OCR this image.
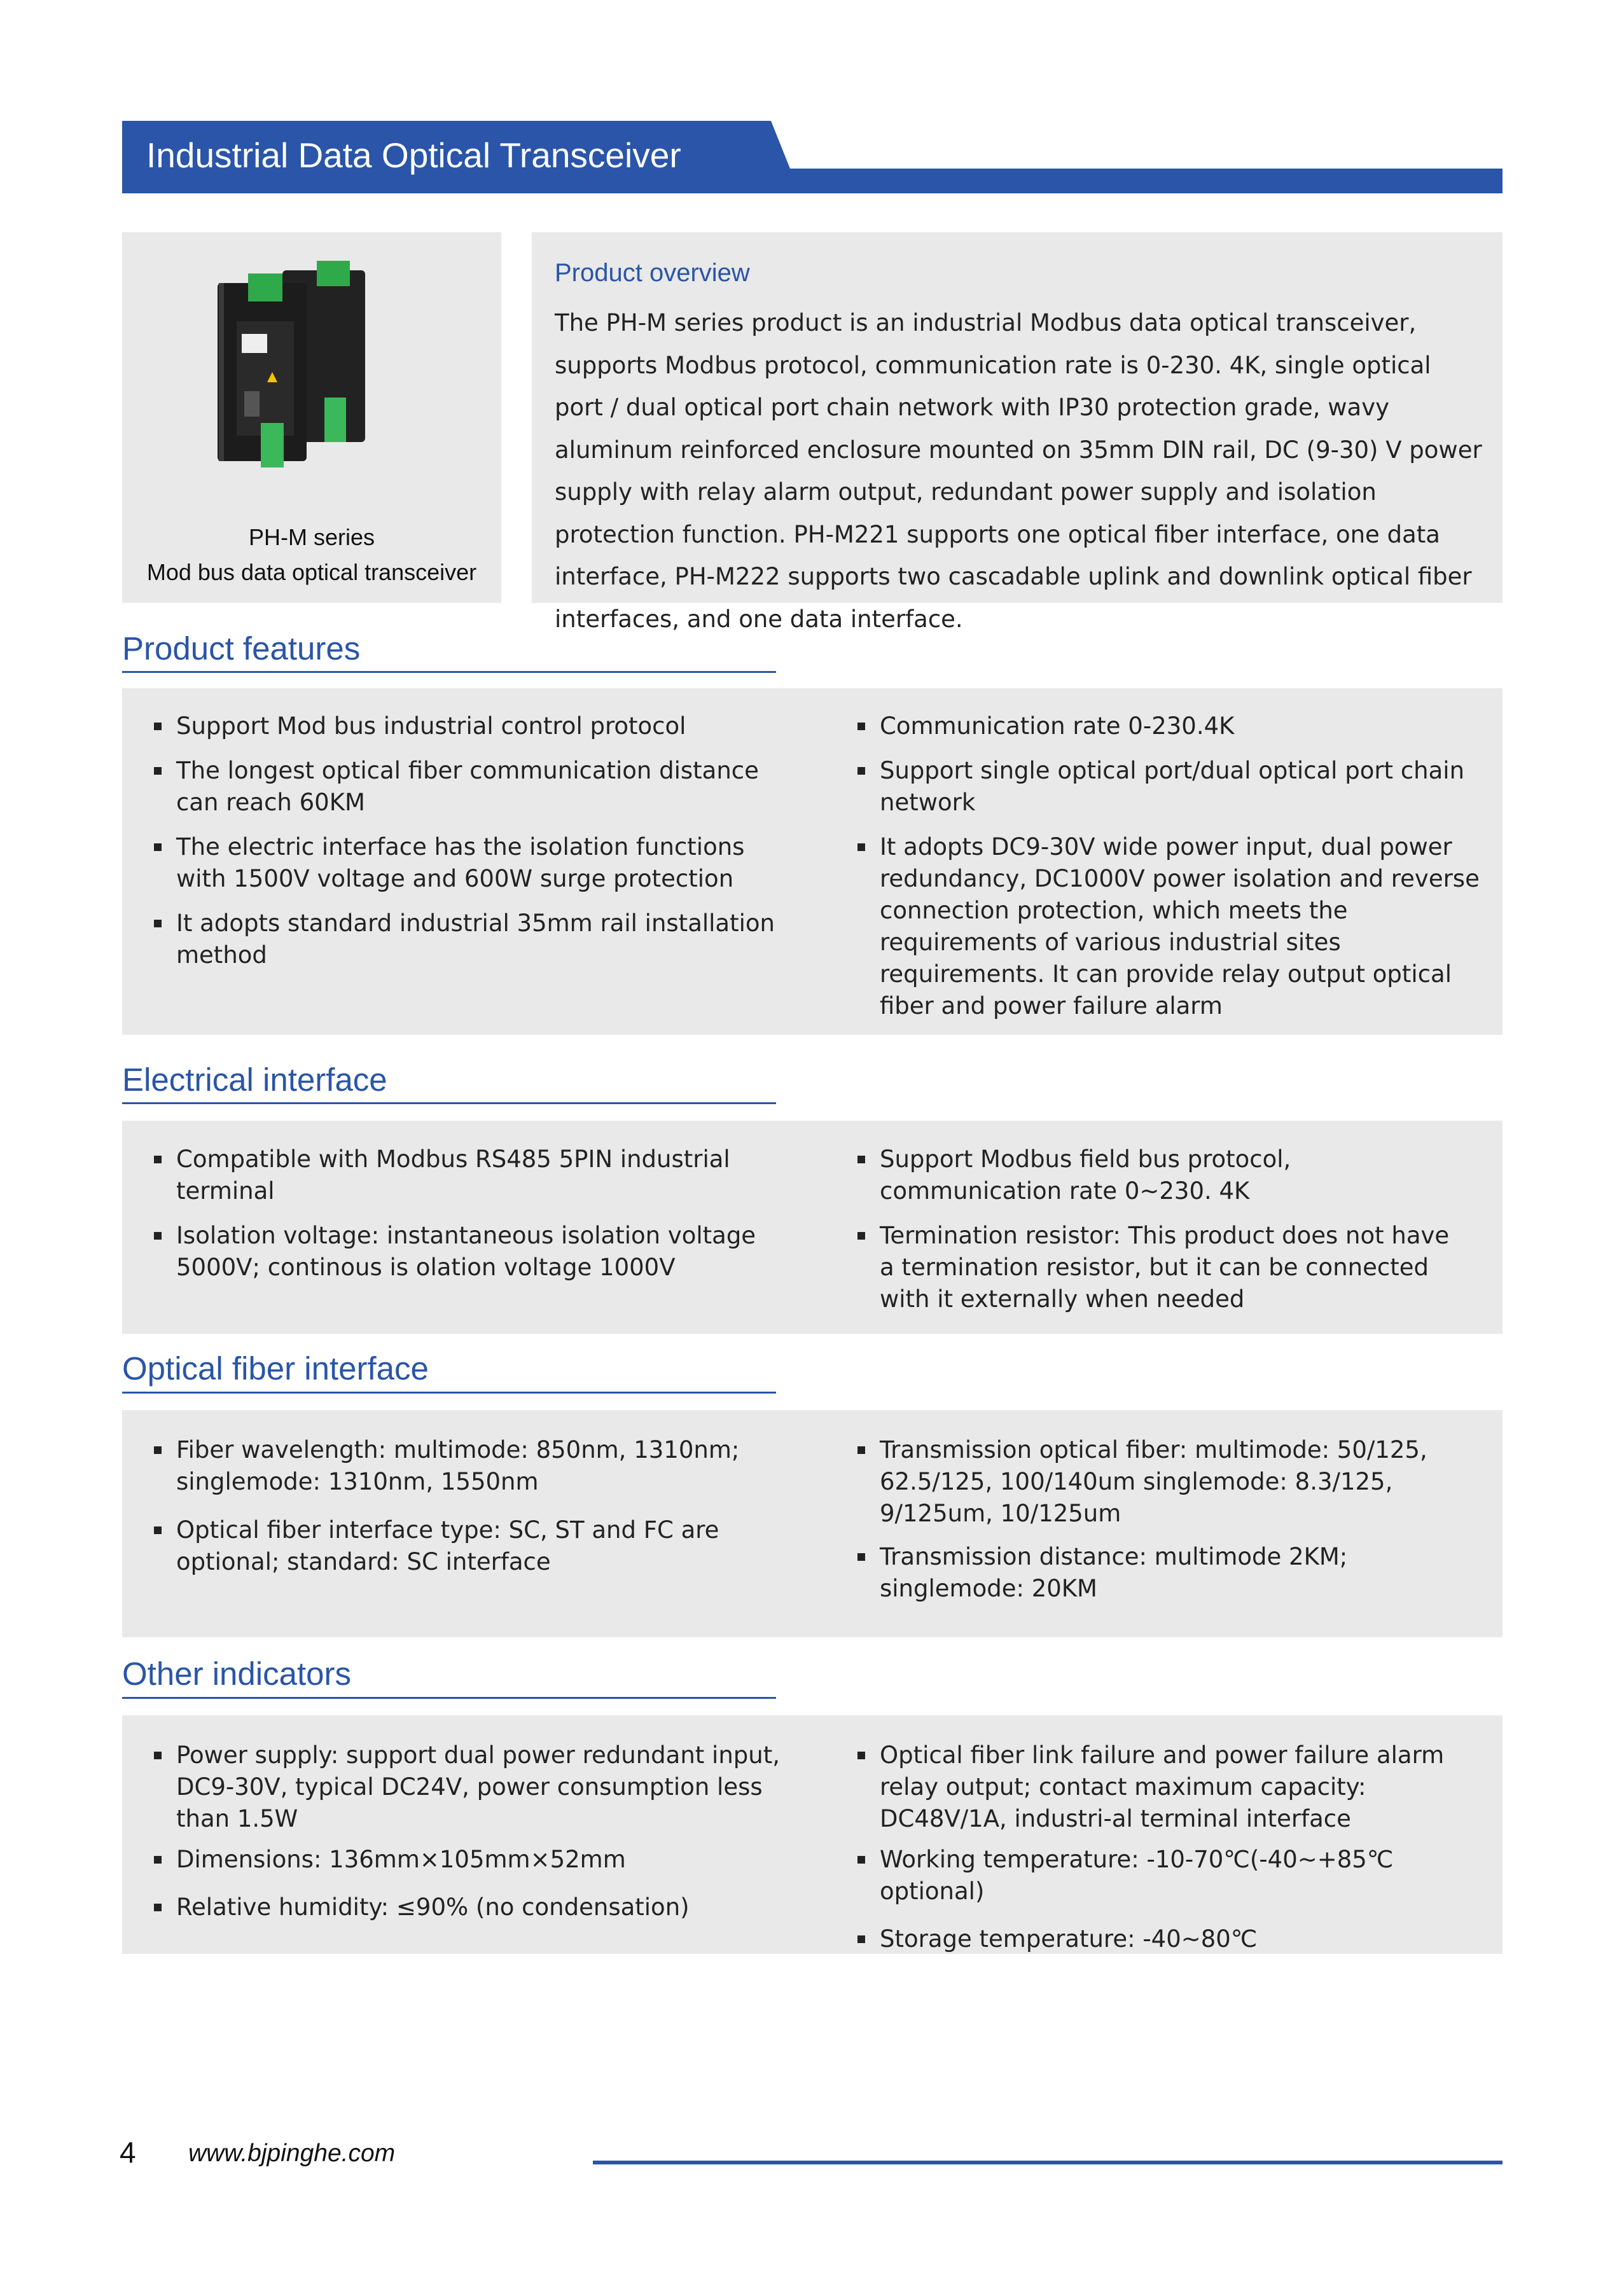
Industrial Data Optical Transceiver
PH-M series
Mod bus data optical transceiver
Product overview
The PH-M series product is an industrial Modbus data optical transceiver, supports Modbus protocol, communication rate is 0-230. 4K, single optical port / dual optical port chain network with IP30 protection grade, wavy aluminum reinforced enclosure mounted on 35mm DIN rail, DC (9-30) V power supply with relay alarm output, redundant power supply and isolation protection function. PH-M221 supports one optical fiber interface, one data interface, PH-M222 supports two cascadable uplink and downlink optical fiber interfaces, and one data interface.
Product features
Support Mod bus industrial control protocol
The longest optical fiber communication distance can reach 60KM
The electric interface has the isolation functions with 1500V voltage and 600W surge protection
It adopts standard industrial 35mm rail installation method
Communication rate 0-230.4K
Support single optical port/dual optical port chain network
It adopts DC9-30V wide power input, dual power redundancy, DC1000V power isolation and reverse connection protection, which meets the requirements of various industrial sites requirements. It can provide relay output optical fiber and power failure alarm
Electrical interface
Compatible with Modbus RS485 5PIN industrial terminal
Isolation voltage: instantaneous isolation voltage 5000V; continous is olation voltage 1000V
Support Modbus field bus protocol, communication rate 0~230. 4K
Termination resistor: This product does not have a termination resistor, but it can be connected with it externally when needed
Optical fiber interface
Fiber wavelength: multimode: 850nm, 1310nm; singlemode: 1310nm, 1550nm
Optical fiber interface type: SC, ST and FC are optional; standard: SC interface
Transmission optical fiber: multimode: 50/125, 62.5/125, 100/140um singlemode: 8.3/125, 9/125um, 10/125um
Transmission distance: multimode 2KM; singlemode: 20KM
Other indicators
Power supply: support dual power redundant input, DC9-30V, typical DC24V, power consumption less than 1.5W
Dimensions: 136mm×105mm×52mm
Relative humidity: ≤90% (no condensation)
Optical fiber link failure and power failure alarm relay output; contact maximum capacity: DC48V/1A, industri-al terminal interface
Working temperature: -10-70℃(-40~+85℃ optional)
Storage temperature: -40~80℃
4 www.bjpinghe.com
